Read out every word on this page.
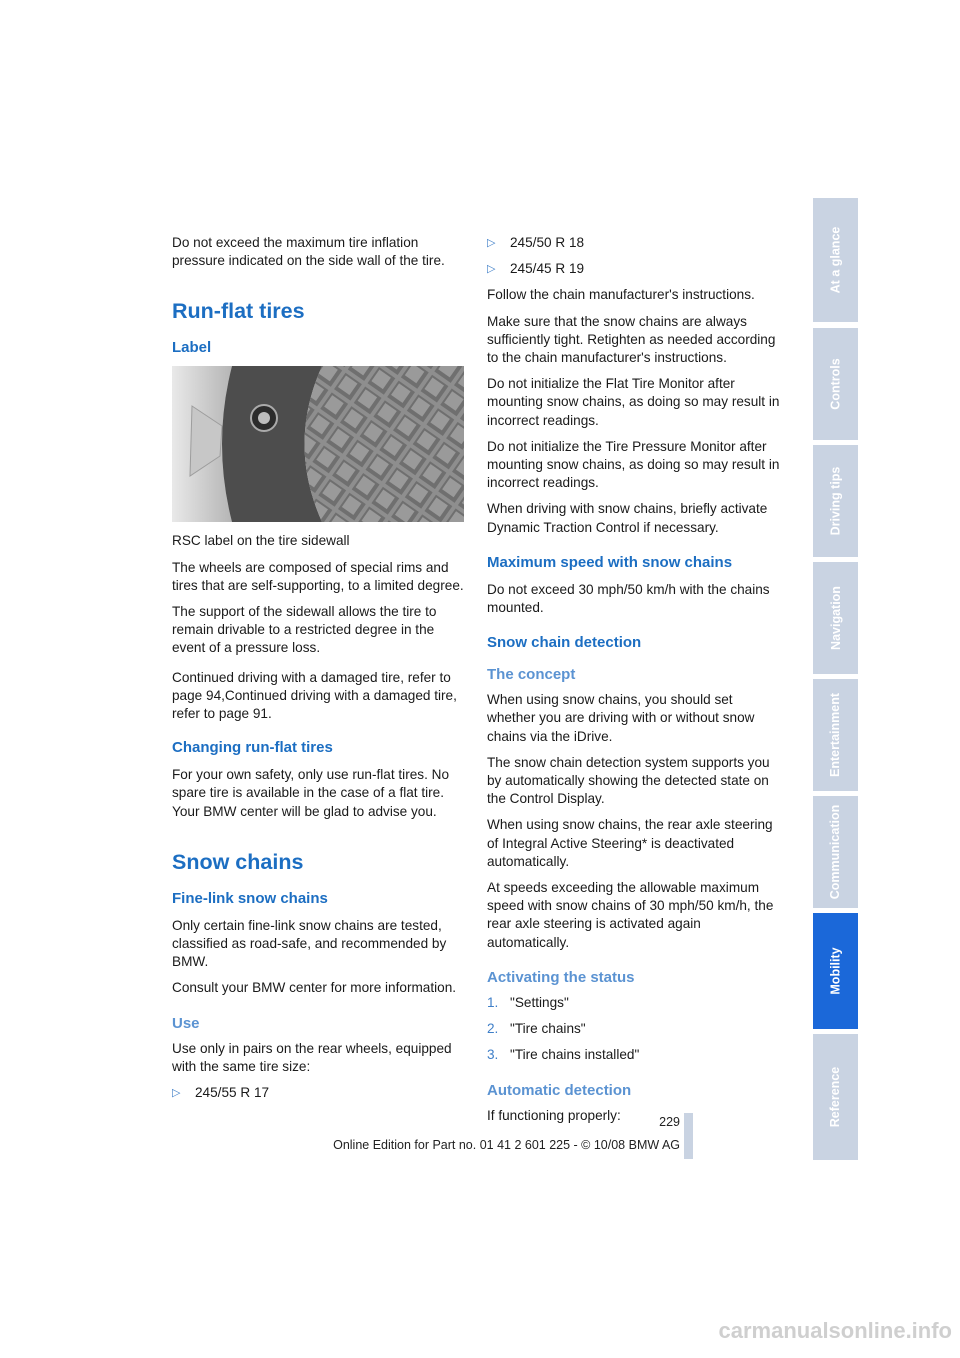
Do not exceed the maximum tire inflation pressure indicated on the side wall of the tire.

Run-flat tires
Label

RSC label on the tire sidewall

The wheels are composed of special rims and tires that are self-supporting, to a limited degree.

The support of the sidewall allows the tire to remain drivable to a restricted degree in the event of a pressure loss.

Continued driving with a damaged tire, refer to page 94,Continued driving with a damaged tire, refer to page 91.

Changing run-flat tires

For your own safety, only use run-flat tires. No spare tire is available in the case of a flat tire. Your BMW center will be glad to advise you.

Snow chains
Fine-link snow chains

Only certain fine-link snow chains are tested, classified as road-safe, and recommended by BMW.

Consult your BMW center for more information.

Use

Use only in pairs on the rear wheels, equipped with the same tire size:

▷ 245/55 R 17
▷ 245/50 R 18
▷ 245/45 R 19

Follow the chain manufacturer's instructions.

Make sure that the snow chains are always sufficiently tight. Retighten as needed according to the chain manufacturer's instructions.

Do not initialize the Flat Tire Monitor after mounting snow chains, as doing so may result in incorrect readings.

Do not initialize the Tire Pressure Monitor after mounting snow chains, as doing so may result in incorrect readings.

When driving with snow chains, briefly activate Dynamic Traction Control if necessary.

Maximum speed with snow chains

Do not exceed 30 mph/50 km/h with the chains mounted.

Snow chain detection
The concept

When using snow chains, you should set whether you are driving with or without snow chains via the iDrive.

The snow chain detection system supports you by automatically showing the detected state on the Control Display.

When using snow chains, the rear axle steering of Integral Active Steering* is deactivated automatically.

At speeds exceeding the allowable maximum speed with snow chains of 30 mph/50 km/h, the rear axle steering is activated again automatically.

Activating the status
1. "Settings"
2. "Tire chains"
3. "Tire chains installed"
Automatic detection

If functioning properly:

At a glance
Controls
Driving tips
Navigation
Entertainment
Communication
Mobility
Reference
229
Online Edition for Part no. 01 41 2 601 225 - © 10/08 BMW AG
carmanualsonline.info
